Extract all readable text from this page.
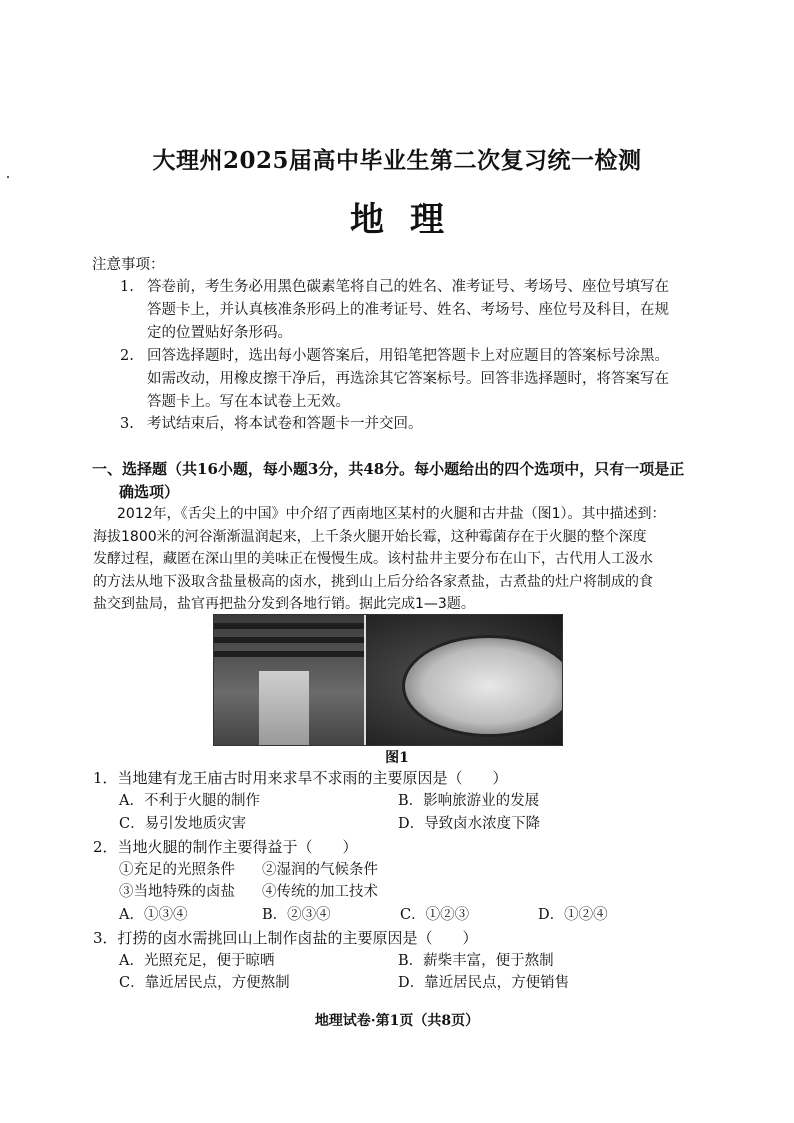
大理州2025届高中毕业生第二次复习统一检测
地理
注意事项：
1. 答卷前，考生务必用黑色碳素笔将自己的姓名、准考证号、考场号、座位号填写在
答题卡上，并认真核准条形码上的准考证号、姓名、考场号、座位号及科目，在规
定的位置贴好条形码。
2. 回答选择题时，选出每小题答案后，用铅笔把答题卡上对应题目的答案标号涂黑。
如需改动，用橡皮擦干净后，再选涂其它答案标号。回答非选择题时，将答案写在
答题卡上。写在本试卷上无效。
3. 考试结束后，将本试卷和答题卡一并交回。
一、选择题（共16小题，每小题3分，共48分。每小题给出的四个选项中，只有一项是正
确选项）
2012年，《舌尖上的中国》中介绍了西南地区某村的火腿和古井盐（图1）。其中描述到：
海拔1800米的河谷渐渐温润起来，上千条火腿开始长霉，这种霉菌存在于火腿的整个深度
发酵过程，藏匿在深山里的美味正在慢慢生成。该村盐井主要分布在山下，古代用人工汲水
的方法从地下汲取含盐量极高的卤水，挑到山上后分给各家煮盐，古煮盐的灶户将制成的食
盐交到盐局，盐官再把盐分发到各地行销。据此完成1—3题。
图1
1．当地建有龙王庙古时用来求旱不求雨的主要原因是（　　）
A．不利于火腿的制作	B．影响旅游业的发展
C．易引发地质灾害	D．导致卤水浓度下降
2．当地火腿的制作主要得益于（　　）
①充足的光照条件 ②湿润的气候条件
③当地特殊的卤盐 ④传统的加工技术
A．①③④	B．②③④	C．①②③	D．①②④
3．打捞的卤水需挑回山上制作卤盐的主要原因是（　　）
A．光照充足，便于晾晒	B．薪柴丰富，便于熬制
C．靠近居民点，方便熬制	D．靠近居民点，方便销售
地理试卷·第1页（共8页）
